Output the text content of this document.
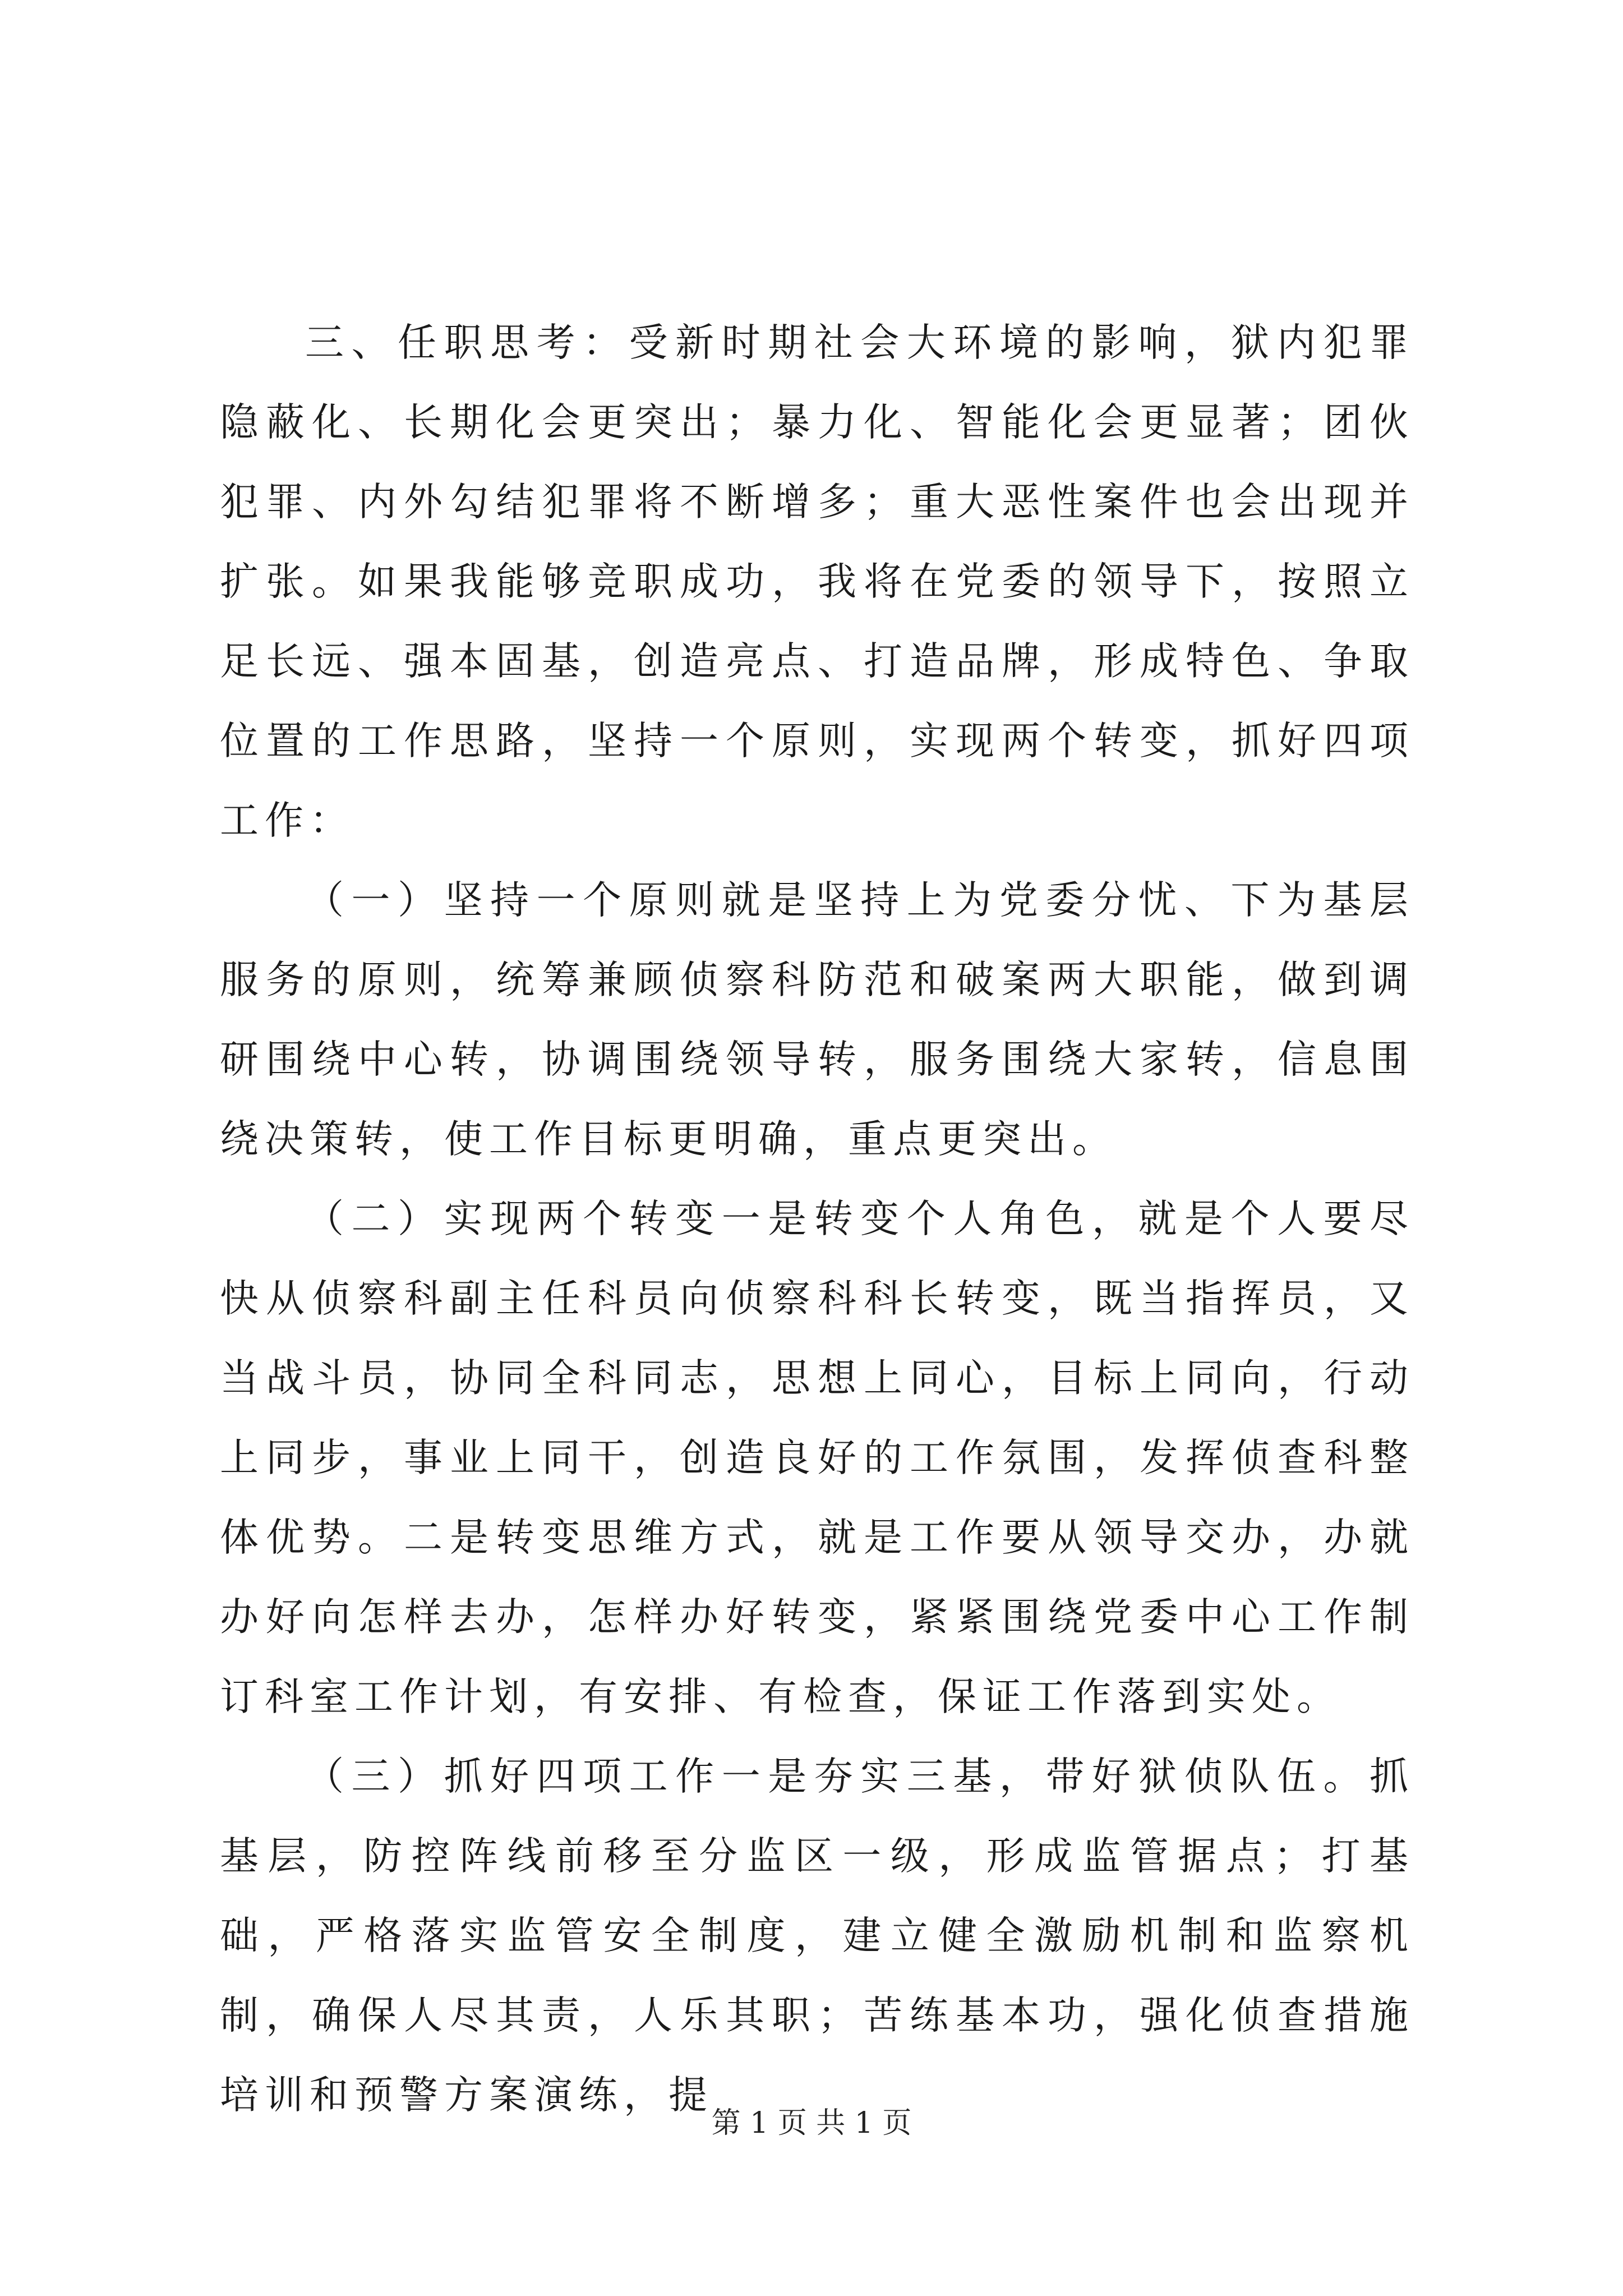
三、任职思考：受新时期社会大环境的影响，狱内犯罪隐蔽化、长期化会更突出；暴力化、智能化会更显著；团伙犯罪、内外勾结犯罪将不断增多；重大恶性案件也会出现并扩张。如果我能够竞职成功，我将在党委的领导下，按照立足长远、强本固基，创造亮点、打造品牌，形成特色、争取位置的工作思路，坚持一个原则，实现两个转变，抓好四项工作：

（一）坚持一个原则就是坚持上为党委分忧、下为基层服务的原则，统筹兼顾侦察科防范和破案两大职能，做到调研围绕中心转，协调围绕领导转，服务围绕大家转，信息围绕决策转，使工作目标更明确，重点更突出。

（二）实现两个转变一是转变个人角色，就是个人要尽快从侦察科副主任科员向侦察科科长转变，既当指挥员，又当战斗员，协同全科同志，思想上同心，目标上同向，行动上同步，事业上同干，创造良好的工作氛围，发挥侦查科整体优势。二是转变思维方式，就是工作要从领导交办，办就办好向怎样去办，怎样办好转变，紧紧围绕党委中心工作制订科室工作计划，有安排、有检查，保证工作落到实处。

（三）抓好四项工作一是夯实三基，带好狱侦队伍。抓基层，防控阵线前移至分监区一级，形成监管据点；打基础，严格落实监管安全制度，建立健全激励机制和监察机制，确保人尽其责，人乐其职；苦练基本功，强化侦查措施培训和预警方案演练，提

第 1 页 共 1 页
